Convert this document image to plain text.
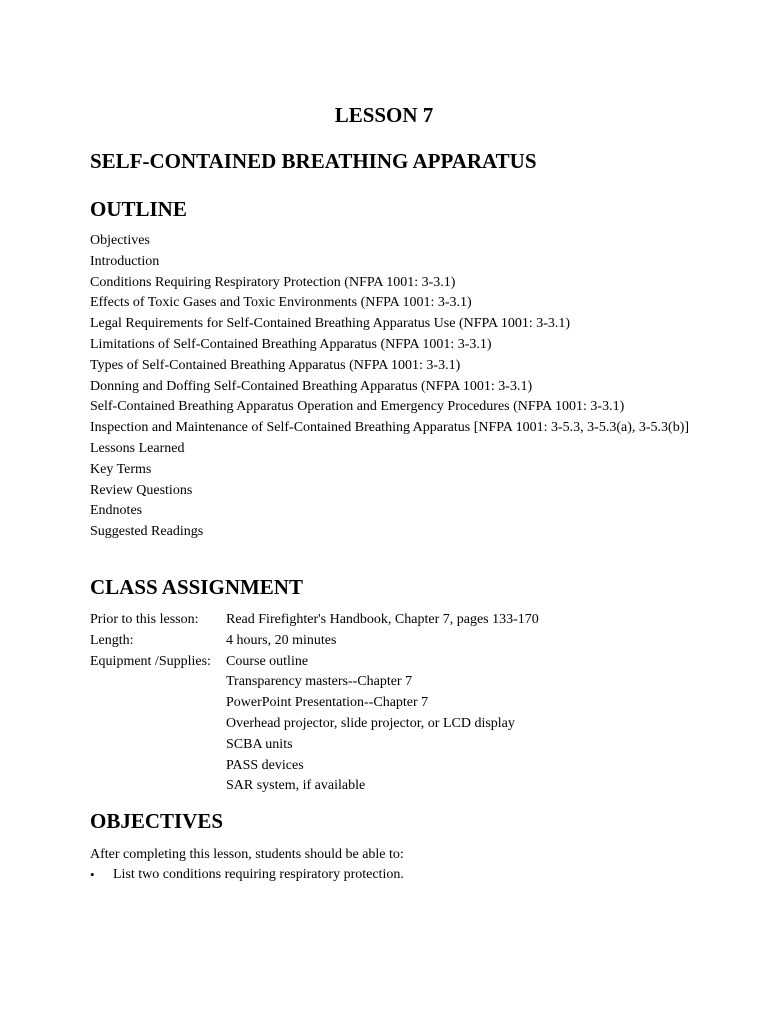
LESSON 7
SELF-CONTAINED BREATHING APPARATUS
OUTLINE
Objectives
Introduction
Conditions Requiring Respiratory Protection (NFPA 1001: 3-3.1)
Effects of Toxic Gases and Toxic Environments (NFPA 1001: 3-3.1)
Legal Requirements for Self-Contained Breathing Apparatus Use (NFPA 1001: 3-3.1)
Limitations of Self-Contained Breathing Apparatus (NFPA 1001: 3-3.1)
Types of Self-Contained Breathing Apparatus (NFPA 1001: 3-3.1)
Donning and Doffing Self-Contained Breathing Apparatus (NFPA 1001: 3-3.1)
Self-Contained Breathing Apparatus Operation and Emergency Procedures (NFPA 1001: 3-3.1)
Inspection and Maintenance of Self-Contained Breathing Apparatus [NFPA 1001: 3-5.3, 3-5.3(a), 3-5.3(b)]
Lessons Learned
Key Terms
Review Questions
Endnotes
Suggested Readings
CLASS ASSIGNMENT
Prior to this lesson:	Read Firefighter's Handbook, Chapter 7, pages 133-170
Length:	4 hours, 20 minutes
Equipment /Supplies:	Course outline
Transparency masters--Chapter 7
PowerPoint Presentation--Chapter 7
Overhead projector, slide projector, or LCD display
SCBA units
PASS devices
SAR system, if available
OBJECTIVES

After completing this lesson, students should be able to:

• List two conditions requiring respiratory protection.
